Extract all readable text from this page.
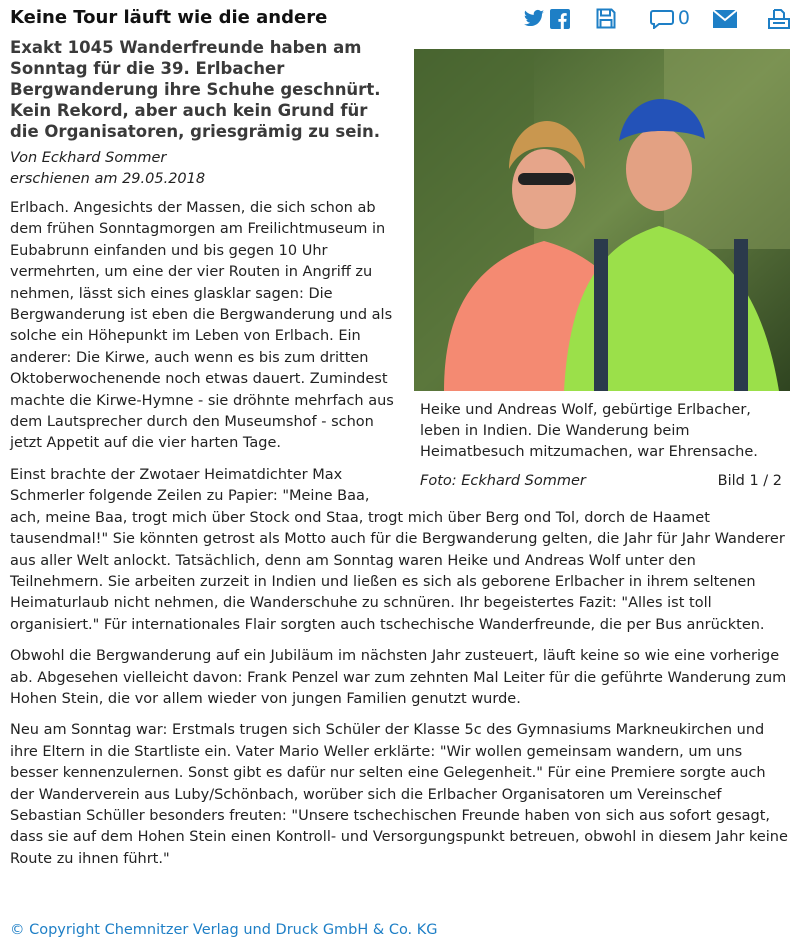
Keine Tour läuft wie die andere	0
Heike und Andreas Wolf, gebürtige Erlbacher, leben in Indien. Die Wanderung beim Heimatbesuch mitzumachen, war Ehrensache.
Foto: Eckhard Sommer	Bild 1 / 2

Exakt 1045 Wanderfreunde haben am Sonntag für die 39. Erlbacher Bergwanderung ihre Schuhe geschnürt. Kein Rekord, aber auch kein Grund für die Organisatoren, griesgrämig zu sein.

Von Eckhard Sommer
erschienen am 29.05.2018

Erlbach. Angesichts der Massen, die sich schon ab dem frühen Sonntagmorgen am Freilichtmuseum in Eubabrunn einfanden und bis gegen 10 Uhr vermehrten, um eine der vier Routen in Angriff zu nehmen, lässt sich eines glasklar sagen: Die Bergwanderung ist eben die Bergwanderung und als solche ein Höhepunkt im Leben von Erlbach. Ein anderer: Die Kirwe, auch wenn es bis zum dritten Oktoberwochenende noch etwas dauert. Zumindest machte die Kirwe-Hymne - sie dröhnte mehrfach aus dem Lautsprecher durch den Museumshof - schon jetzt Appetit auf die vier harten Tage.

Einst brachte der Zwotaer Heimatdichter Max Schmerler folgende Zeilen zu Papier: "Meine Baa, ach, meine Baa, trogt mich über Stock ond Staa, trogt mich über Berg ond Tol, dorch de Haamet tausendmal!" Sie könnten getrost als Motto auch für die Bergwanderung gelten, die Jahr für Jahr Wanderer aus aller Welt anlockt. Tatsächlich, denn am Sonntag waren Heike und Andreas Wolf unter den Teilnehmern. Sie arbeiten zurzeit in Indien und ließen es sich als geborene Erlbacher in ihrem seltenen Heimaturlaub nicht nehmen, die Wanderschuhe zu schnüren. Ihr begeistertes Fazit: "Alles ist toll organisiert." Für internationales Flair sorgten auch tschechische Wanderfreunde, die per Bus anrückten.

Obwohl die Bergwanderung auf ein Jubiläum im nächsten Jahr zusteuert, läuft keine so wie eine vorherige ab. Abgesehen vielleicht davon: Frank Penzel war zum zehnten Mal Leiter für die geführte Wanderung zum Hohen Stein, die vor allem wieder von jungen Familien genutzt wurde.

Neu am Sonntag war: Erstmals trugen sich Schüler der Klasse 5c des Gymnasiums Markneukirchen und ihre Eltern in die Startliste ein. Vater Mario Weller erklärte: "Wir wollen gemeinsam wandern, um uns besser kennenzulernen. Sonst gibt es dafür nur selten eine Gelegenheit." Für eine Premiere sorgte auch der Wanderverein aus Luby/Schönbach, worüber sich die Erlbacher Organisatoren um Vereinschef Sebastian Schüller besonders freuten: "Unsere tschechischen Freunde haben von sich aus sofort gesagt, dass sie auf dem Hohen Stein einen Kontroll- und Versorgungspunkt betreuen, obwohl in diesem Jahr keine Route zu ihnen führt."

© Copyright Chemnitzer Verlag und Druck GmbH & Co. KG
